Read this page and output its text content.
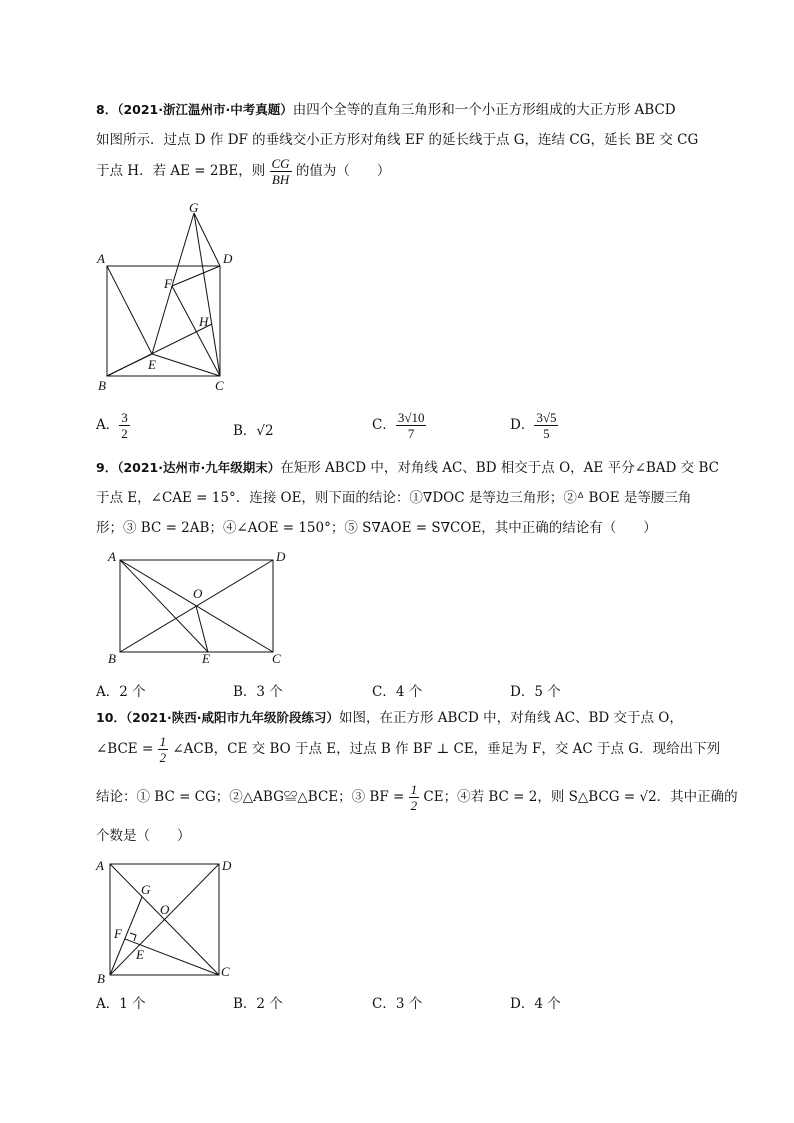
8．（2021·浙江温州市·中考真题）由四个全等的直角三角形和一个小正方形组成的大正方形 ABCD
如图所示．过点 D 作 DF 的垂线交小正方形对角线 EF 的延长线于点 G，连结 CG，延长 BE 交 CG
于点 H．若 AE = 2BE，则 $\frac{CG}{BH}$ 的值为（　　）
G
A	D
F
H
E
B	C
A． $\frac{3}{2}$	B．√2	C． $\frac{3√10}{7}$	D． $\frac{3√5}{5}$
9．（2021·达州市·九年级期末）在矩形 ABCD 中，对角线 AC、BD 相交于点 O，AE 平分∠BAD 交 BC
于点 E，∠CAE = 15°．连接 OE，则下面的结论：①∇DOC 是等边三角形；②ᐞ BOE 是等腰三角
形；③ BC = 2AB；④∠AOE = 150°；⑤ S∇AOE = S∇COE，其中正确的结论有（　　）
A	D
O
B	E	C
A．2 个	B．3 个	C．4 个	D．5 个
10．（2021·陕西·咸阳市九年级阶段练习）如图，在正方形 ABCD 中，对角线 AC、BD 交于点 O，
∠BCE = $\frac{1}{2}$ ∠ACB，CE 交 BO 于点 E，过点 B 作 BF ⊥ CE，垂足为 F，交 AC 于点 G．现给出下列
结论：① BC = CG；②△ABG≌△BCE；③ BF = $\frac{1}{2}$ CE；④若 BC = 2，则 S△BCG = √2．其中正确的
个数是（　　）
A	D
G
O
F
E
B	C
A．1 个	B．2 个	C．3 个	D．4 个
